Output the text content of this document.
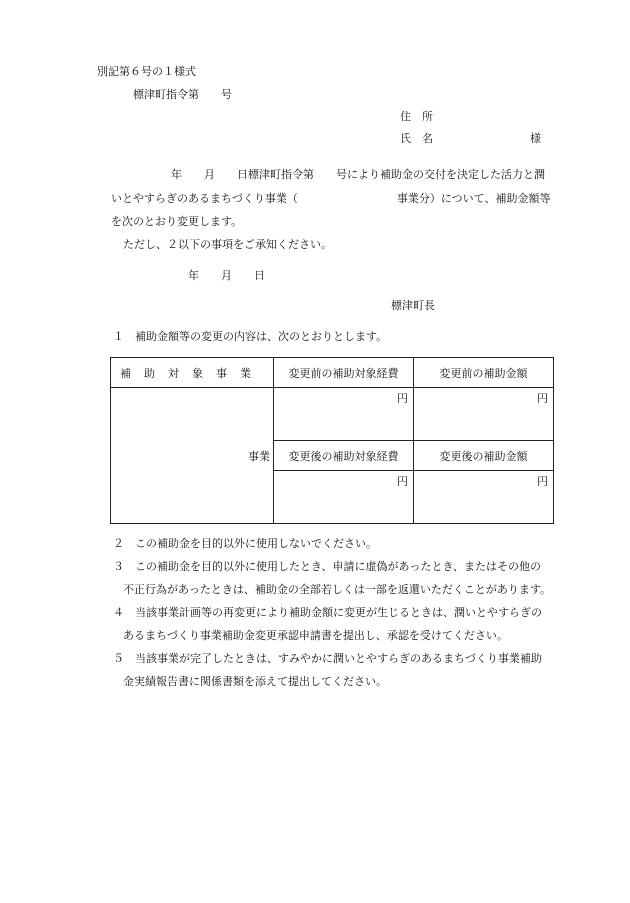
別記第６号の１様式
標津町指令第　　号
住　所
氏　名	様
年　　月　　日標津町指令第　　号により補助金の交付を決定した活力と潤
いとやすらぎのあるまちづくり事業（　　　　　　　　　事業分）について、補助金額等
を次のとおり変更します。
ただし、２以下の事項をご承知ください。
年　　月　　日
標津町長
１　補助金額等の変更の内容は、次のとおりとします。
補助対象事業	変更前の補助対象経費	変更前の補助金額
事業	円	円
	変更後の補助対象経費	変更後の補助金額
	円	円
２　この補助金を目的以外に使用しないでください。
３　この補助金を目的以外に使用したとき、申請に虚偽があったとき、またはその他の
不正行為があったときは、補助金の全部若しくは一部を返還いただくことがあります。
４　当該事業計画等の再変更により補助金額に変更が生じるときは、潤いとやすらぎの
あるまちづくり事業補助金変更承認申請書を提出し、承認を受けてください。
５　当該事業が完了したときは、すみやかに潤いとやすらぎのあるまちづくり事業補助
金実績報告書に関係書類を添えて提出してください。
